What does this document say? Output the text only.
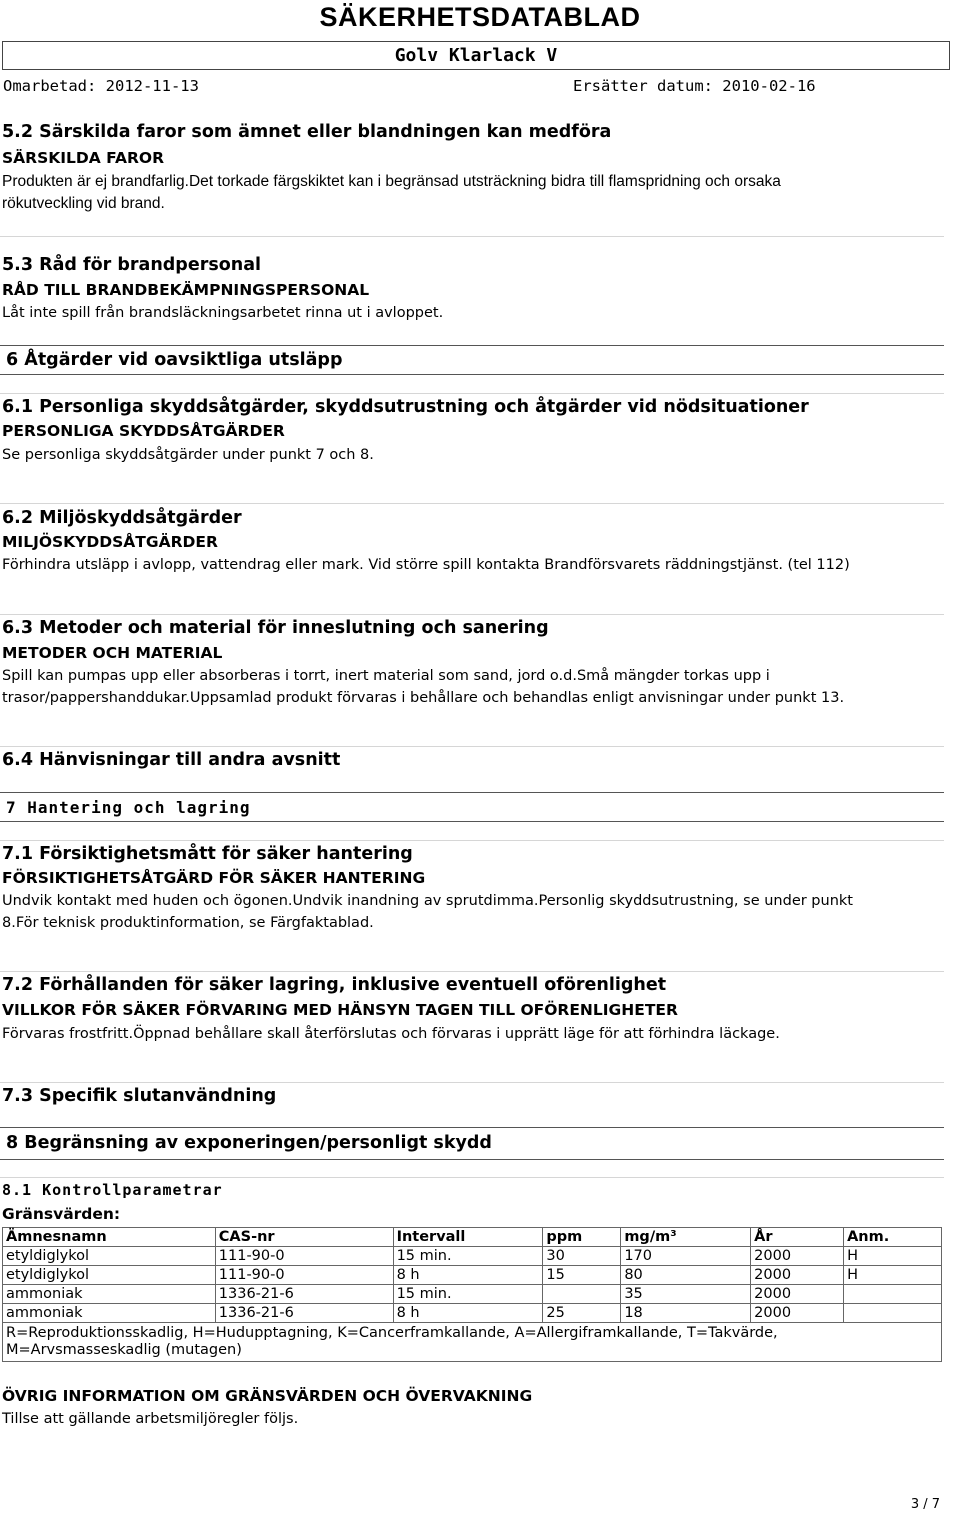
SÄKERHETSDATABLAD
Golv Klarlack V
Omarbetad: 2012-11-13	Ersätter datum: 2010-02-16
5.2 Särskilda faror som ämnet eller blandningen kan medföra
SÄRSKILDA FAROR
Produkten är ej brandfarlig.Det torkade färgskiktet kan i begränsad utsträckning bidra till flamspridning och orsaka
rökutveckling vid brand.
5.3 Råd för brandpersonal
RÅD TILL BRANDBEKÄMPNINGSPERSONAL
Låt inte spill från brandsläckningsarbetet rinna ut i avloppet.
6 Åtgärder vid oavsiktliga utsläpp
6.1 Personliga skyddsåtgärder, skyddsutrustning och åtgärder vid nödsituationer
PERSONLIGA SKYDDSÅTGÄRDER
Se personliga skyddsåtgärder under punkt 7 och 8.
6.2 Miljöskyddsåtgärder
MILJÖSKYDDSÅTGÄRDER
Förhindra utsläpp i avlopp, vattendrag eller mark. Vid större spill kontakta Brandförsvarets räddningstjänst. (tel 112)
6.3 Metoder och material för inneslutning och sanering
METODER OCH MATERIAL
Spill kan pumpas upp eller absorberas i torrt, inert material som sand, jord o.d.Små mängder torkas upp i
trasor/pappershanddukar.Uppsamlad produkt förvaras i behållare och behandlas enligt anvisningar under punkt 13.
6.4 Hänvisningar till andra avsnitt
7 Hantering och lagring
7.1 Försiktighetsmått för säker hantering
FÖRSIKTIGHETSÅTGÄRD FÖR SÄKER HANTERING
Undvik kontakt med huden och ögonen.Undvik inandning av sprutdimma.Personlig skyddsutrustning, se under punkt
8.För teknisk produktinformation, se Färgfaktablad.
7.2 Förhållanden för säker lagring, inklusive eventuell oförenlighet
VILLKOR FÖR SÄKER FÖRVARING MED HÄNSYN TAGEN TILL OFÖRENLIGHETER
Förvaras frostfritt.Öppnad behållare skall återförslutas och förvaras i upprätt läge för att förhindra läckage.
7.3 Specifik slutanvändning
8 Begränsning av exponeringen/personligt skydd
8.1 Kontrollparametrar
Gränsvärden:
Ämnesnamn	CAS-nr	Intervall	ppm	mg/m³	År	Anm.
etyldiglykol	111-90-0	15 min.	30	170	2000	H
etyldiglykol	111-90-0	8 h	15	80	2000	H
ammoniak	1336-21-6	15 min.		35	2000	
ammoniak	1336-21-6	8 h	25	18	2000	

R=Reproduktionsskadlig, H=Hudupptagning, K=Cancerframkallande, A=Allergiframkallande, T=Takvärde,
M=Arvsmasseskadlig (mutagen)						
ÖVRIG INFORMATION OM GRÄNSVÄRDEN OCH ÖVERVAKNING
Tillse att gällande arbetsmiljöregler följs.
3 / 7
